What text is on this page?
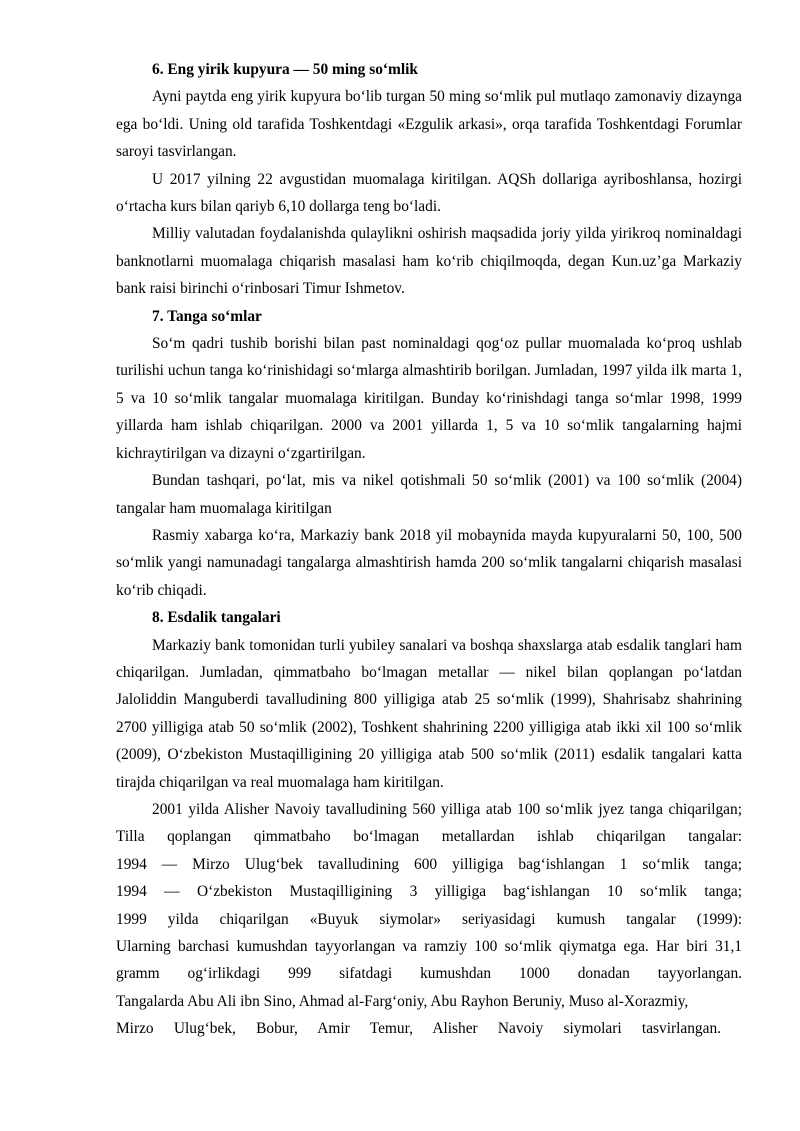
6. Eng yirik kupyura — 50 ming so‘mlik

Ayni paytda eng yirik kupyura bo‘lib turgan 50 ming so‘mlik pul mutlaqo zamonaviy dizaynga ega bo‘ldi. Uning old tarafida Toshkentdagi «Ezgulik arkasi», orqa tarafida Toshkentdagi Forumlar saroyi tasvirlangan.

U 2017 yilning 22 avgustidan muomalaga kiritilgan. AQSh dollariga ayriboshlansa, hozirgi o‘rtacha kurs bilan qariyb 6,10 dollarga teng bo‘ladi.

Milliy valutadan foydalanishda qulaylikni oshirish maqsadida joriy yilda yirikroq nominaldagi banknotlarni muomalaga chiqarish masalasi ham ko‘rib chiqilmoqda, degan Kun.uz’ga Markaziy bank raisi birinchi o‘rinbosari Timur Ishmetov.

7. Tanga so‘mlar

So‘m qadri tushib borishi bilan past nominaldagi qog‘oz pullar muomalada ko‘proq ushlab turilishi uchun tanga ko‘rinishidagi so‘mlarga almashtirib borilgan. Jumladan, 1997 yilda ilk marta 1, 5 va 10 so‘mlik tangalar muomalaga kiritilgan. Bunday ko‘rinishdagi tanga so‘mlar 1998, 1999 yillarda ham ishlab chiqarilgan. 2000 va 2001 yillarda 1, 5 va 10 so‘mlik tangalarning hajmi kichraytirilgan va dizayni o‘zgartirilgan.

Bundan tashqari, po‘lat, mis va nikel qotishmali 50 so‘mlik (2001) va 100 so‘mlik (2004) tangalar ham muomalaga kiritilgan

Rasmiy xabarga ko‘ra, Markaziy bank 2018 yil mobaynida mayda kupyuralarni 50, 100, 500 so‘mlik yangi namunadagi tangalarga almashtirish hamda 200 so‘mlik tangalarni chiqarish masalasi ko‘rib chiqadi.

8. Esdalik tangalari

Markaziy bank tomonidan turli yubiley sanalari va boshqa shaxslarga atab esdalik tanglari ham chiqarilgan. Jumladan, qimmatbaho bo‘lmagan metallar — nikel bilan qoplangan po‘latdan Jaloliddin Manguberdi tavalludining 800 yilligiga atab 25 so‘mlik (1999), Shahrisabz shahrining 2700 yilligiga atab 50 so‘mlik (2002), Toshkent shahrining 2200 yilligiga atab ikki xil 100 so‘mlik (2009), O‘zbekiston Mustaqilligining 20 yilligiga atab 500 so‘mlik (2011) esdalik tangalari katta tirajda chiqarilgan va real muomalaga ham kiritilgan.

2001 yilda Alisher Navoiy tavalludining 560 yilliga atab 100 so‘mlik jyez tanga chiqarilgan;

Tilla qoplangan qimmatbaho bo‘lmagan metallardan ishlab chiqarilgan tangalar:

1994 — Mirzo Ulug‘bek tavalludining 600 yilligiga bag‘ishlangan 1 so‘mlik tanga;

1994 — O‘zbekiston Mustaqilligining 3 yilligiga bag‘ishlangan 10 so‘mlik tanga;

1999 yilda chiqarilgan «Buyuk siymolar» seriyasidagi kumush tangalar (1999):

Ularning barchasi kumushdan tayyorlangan va ramziy 100 so‘mlik qiymatga ega. Har biri 31,1

gramm og‘irlikdagi 999 sifatdagi kumushdan 1000 donadan tayyorlangan.

Tangalarda Abu Ali ibn Sino, Ahmad al-Farg‘oniy, Abu Rayhon Beruniy, Muso al-Xorazmiy,

Mirzo Ulug‘bek, Bobur, Amir Temur, Alisher Navoiy siymolari tasvirlangan.
